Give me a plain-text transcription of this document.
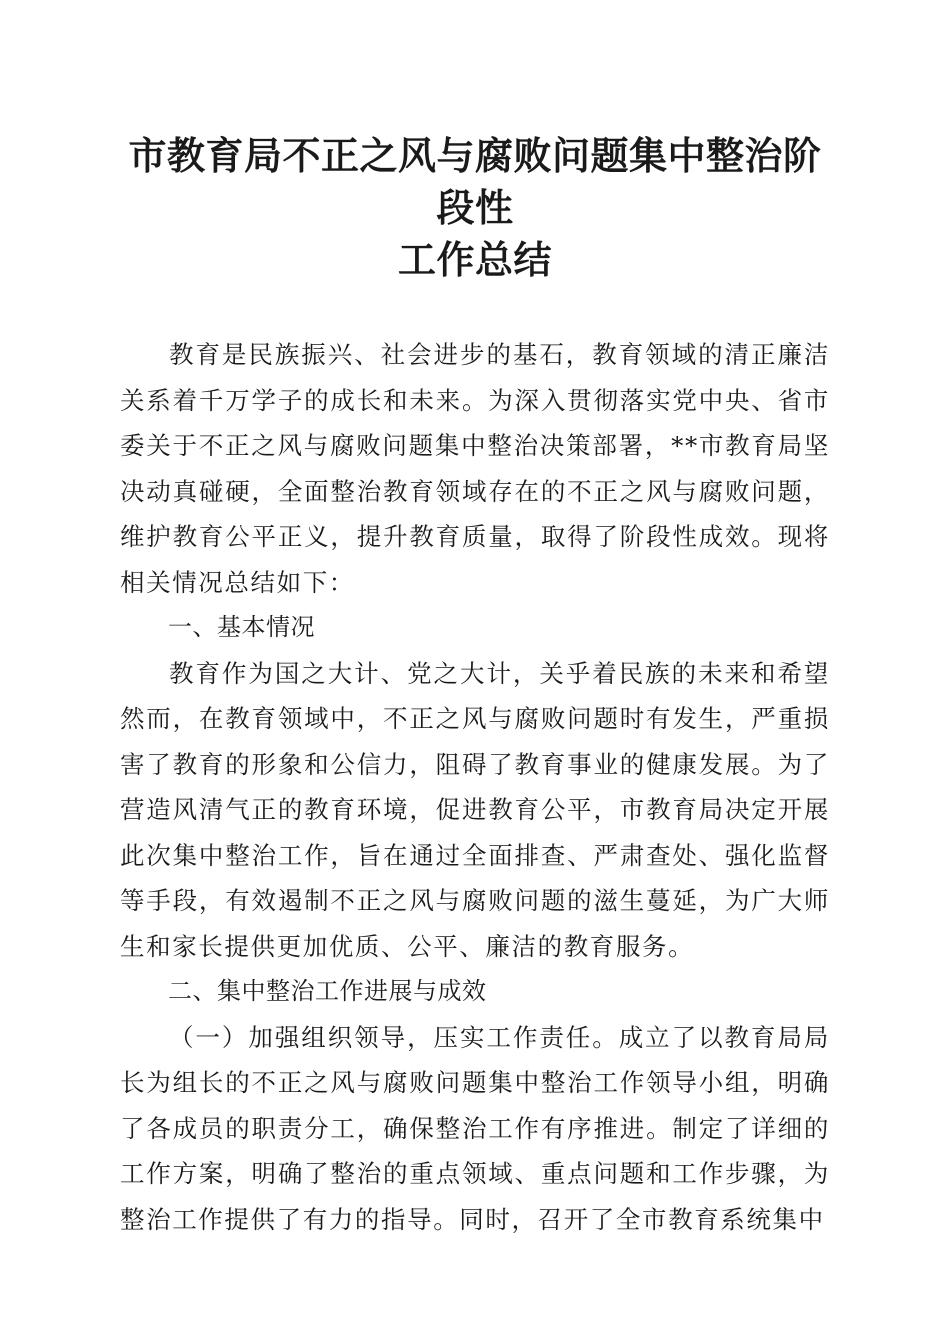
市教育局不正之风与腐败问题集中整治阶段性
工作总结

教育是民族振兴、社会进步的基石，教育领域的清正廉洁关系着千万学子的成长和未来。为深入贯彻落实党中央、省市委关于不正之风与腐败问题集中整治决策部署，**市教育局坚决动真碰硬，全面整治教育领域存在的不正之风与腐败问题，维护教育公平正义，提升教育质量，取得了阶段性成效。现将相关情况总结如下：

一、基本情况

教育作为国之大计、党之大计，关乎着民族的未来和希望然而，在教育领域中，不正之风与腐败问题时有发生，严重损害了教育的形象和公信力，阻碍了教育事业的健康发展。为了营造风清气正的教育环境，促进教育公平，市教育局决定开展此次集中整治工作，旨在通过全面排查、严肃查处、强化监督等手段，有效遏制不正之风与腐败问题的滋生蔓延，为广大师生和家长提供更加优质、公平、廉洁的教育服务。

二、集中整治工作进展与成效

（一）加强组织领导，压实工作责任。成立了以教育局局长为组长的不正之风与腐败问题集中整治工作领导小组，明确了各成员的职责分工，确保整治工作有序推进。制定了详细的工作方案，明确了整治的重点领域、重点问题和工作步骤，为整治工作提供了有力的指导。同时，召开了全市教育系统集中
